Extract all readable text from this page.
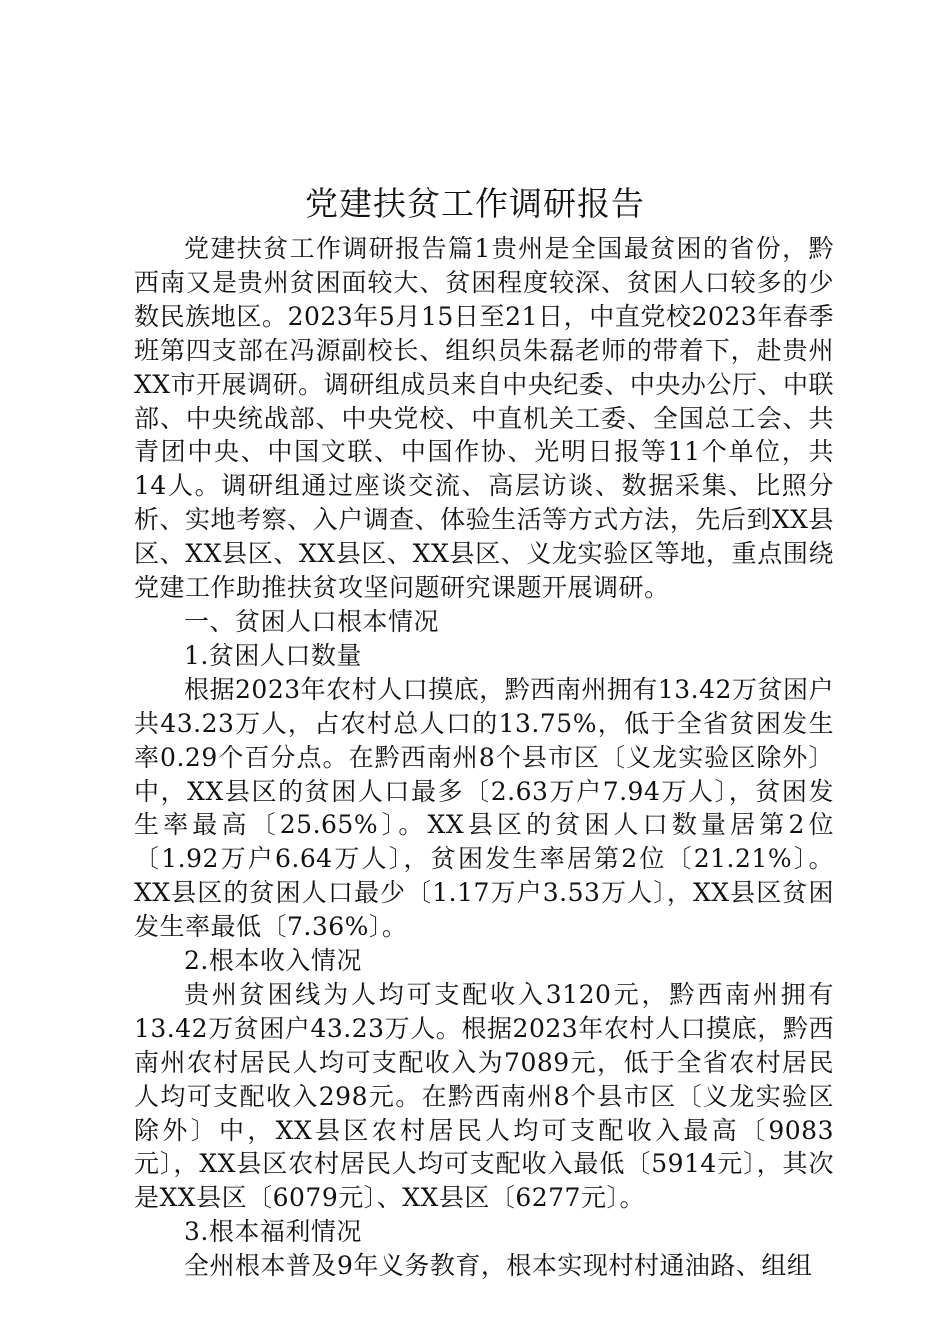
党建扶贫工作调研报告

党建扶贫工作调研报告篇1贵州是全国最贫困的省份，黔西南又是贵州贫困面较大、贫困程度较深、贫困人口较多的少数民族地区。2023年5月15日至21日，中直党校2023年春季班第四支部在冯源副校长、组织员朱磊老师的带着下，赴贵州XX市开展调研。调研组成员来自中央纪委、中央办公厅、中联部、中央统战部、中央党校、中直机关工委、全国总工会、共青团中央、中国文联、中国作协、光明日报等11个单位，共14人。调研组通过座谈交流、高层访谈、数据采集、比照分析、实地考察、入户调查、体验生活等方式方法，先后到XX县区、XX县区、XX县区、XX县区、义龙实验区等地，重点围绕党建工作助推扶贫攻坚问题研究课题开展调研。

一、贫困人口根本情况

1.贫困人口数量

根据2023年农村人口摸底，黔西南州拥有13.42万贫困户共43.23万人，占农村总人口的13.75%，低于全省贫困发生率0.29个百分点。在黔西南州8个县市区〔义龙实验区除外〕中，XX县区的贫困人口最多〔2.63万户7.94万人〕，贫困发生率最高〔25.65%〕。XX县区的贫困人口数量居第2位〔1.92万户6.64万人〕，贫困发生率居第2位〔21.21%〕。XX县区的贫困人口最少〔1.17万户3.53万人〕，XX县区贫困发生率最低〔7.36%〕。

2.根本收入情况

贵州贫困线为人均可支配收入3120元，黔西南州拥有13.42万贫困户43.23万人。根据2023年农村人口摸底，黔西南州农村居民人均可支配收入为7089元，低于全省农村居民人均可支配收入298元。在黔西南州8个县市区〔义龙实验区除外〕中，XX县区农村居民人均可支配收入最高〔9083元〕，XX县区农村居民人均可支配收入最低〔5914元〕，其次是XX县区〔6079元〕、XX县区〔6277元〕。

3.根本福利情况

全州根本普及9年义务教育，根本实现村村通油路、组组
